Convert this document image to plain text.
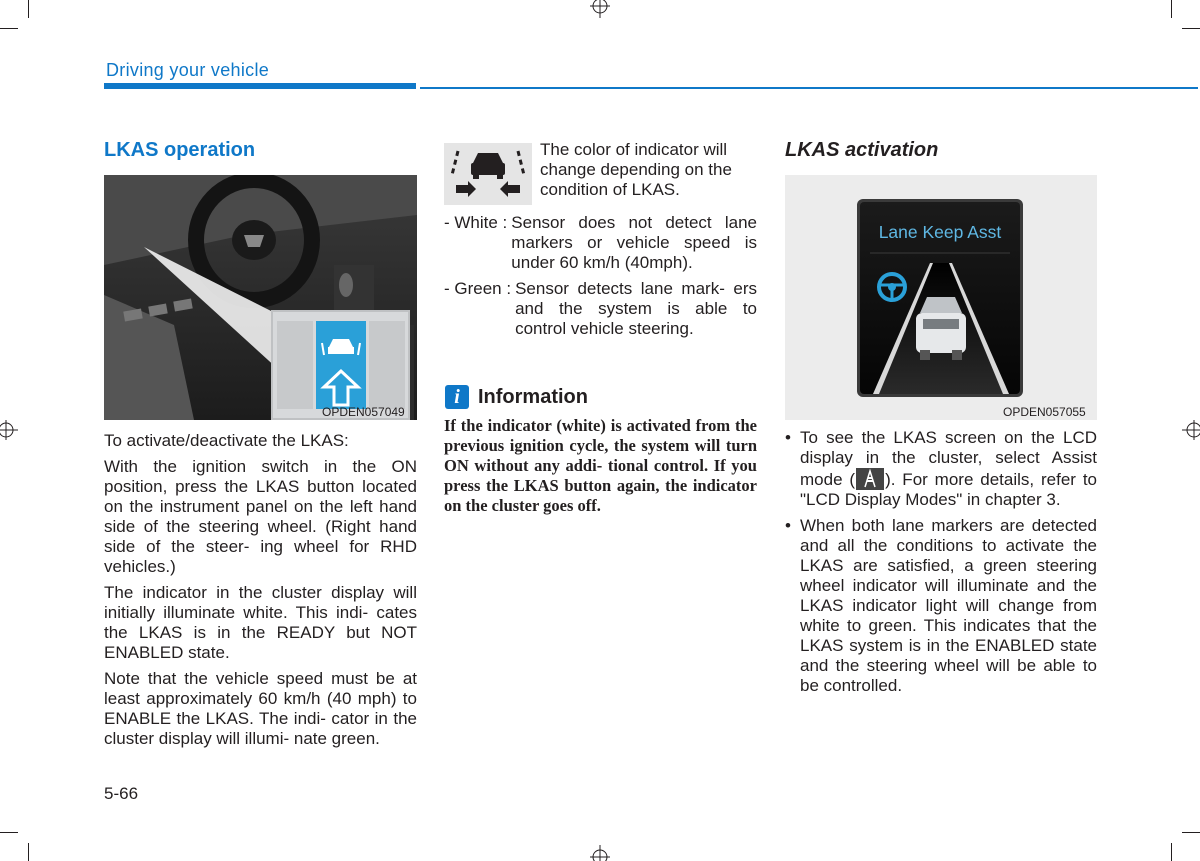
Driving your vehicle
LKAS operation
OPDEN057049

To activate/deactivate the LKAS:

With the ignition switch in the ON position, press the LKAS button located on the instrument panel on the left hand side of the steering wheel. (Right hand side of the steer- ing wheel for RHD vehicles.)

The indicator in the cluster display will initially illuminate white. This indi- cates the LKAS is in the READY but NOT ENABLED state.

Note that the vehicle speed must be at least approximately 60 km/h (40 mph) to ENABLE the LKAS. The indi- cator in the cluster display will illumi- nate green.

The color of indicator will change depending on the condition of LKAS.
- White : Sensor does not detect lane markers or vehicle speed is under 60 km/h (40mph).
- Green : Sensor detects lane mark- ers and the system is able to control vehicle steering.
i Information
If the indicator (white) is activated from the previous ignition cycle, the system will turn ON without any addi- tional control. If you press the LKAS button again, the indicator on the cluster goes off.
LKAS activation
Lane Keep Asst
OPDEN057055
• To see the LKAS screen on the LCD display in the cluster, select Assist mode ( ). For more details, refer to "LCD Display Modes" in chapter 3.
• When both lane markers are detected and all the conditions to activate the LKAS are satisfied, a green steering wheel indicator will illuminate and the LKAS indicator light will change from white to green. This indicates that the LKAS system is in the ENABLED state and the steering wheel will be able to be controlled.
5-66
